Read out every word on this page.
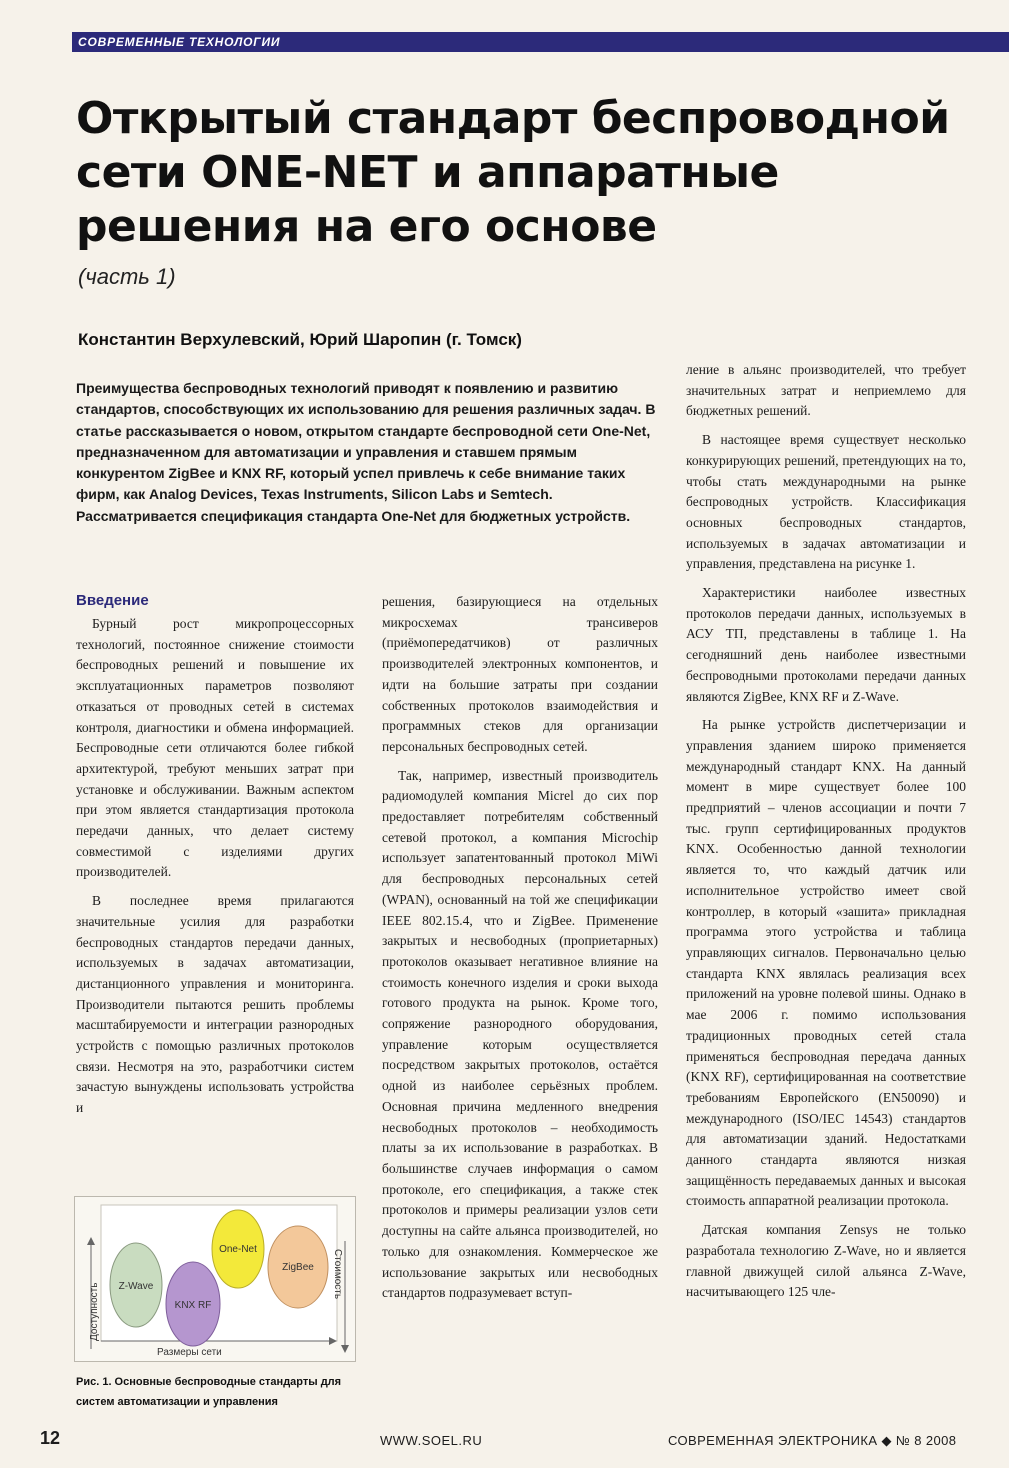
СОВРЕМЕННЫЕ ТЕХНОЛОГИИ
Открытый стандарт беспроводной сети ONE-NET и аппаратные решения на его основе
(часть 1)
Константин Верхулевский, Юрий Шаропин (г. Томск)

Преимущества беспроводных технологий приводят к появлению и развитию стандартов, способствующих их использованию для решения различных задач. В статье рассказывается о новом, открытом стандарте беспроводной сети One-Net, предназначенном для автоматизации и управления и ставшем прямым конкурентом ZigBee и KNX RF, который успел привлечь к себе внимание таких фирм, как Analog Devices, Texas Instruments, Silicon Labs и Semtech. Рассматривается спецификация стандарта One-Net для бюджетных устройств.

Введение

Бурный рост микропроцессорных технологий, постоянное снижение стоимости беспроводных решений и повышение их эксплуатационных параметров позволяют отказаться от проводных сетей в системах контроля, диагностики и обмена информацией. Беспроводные сети отличаются более гибкой архитектурой, требуют меньших затрат при установке и обслуживании. Важным аспектом при этом является стандартизация протокола передачи данных, что делает систему совместимой с изделиями других производителей.

В последнее время прилагаются значительные усилия для разработки беспроводных стандартов передачи данных, используемых в задачах автоматизации, дистанционного управления и мониторинга. Производители пытаются решить проблемы масштабируемости и интеграции разнородных устройств с помощью различных протоколов связи. Несмотря на это, разработчики систем зачастую вынуждены использовать устройства и

решения, базирующиеся на отдельных микросхемах трансиверов (приёмопередатчиков) от различных производителей электронных компонентов, и идти на большие затраты при создании собственных протоколов взаимодействия и программных стеков для организации персональных беспроводных сетей.

Так, например, известный производитель радиомодулей компания Micrel до сих пор предоставляет потребителям собственный сетевой протокол, а компания Microchip использует запатентованный протокол MiWi для беспроводных персональных сетей (WPAN), основанный на той же спецификации IEEE 802.15.4, что и ZigBee. Применение закрытых и несвободных (проприетарных) протоколов оказывает негативное влияние на стоимость конечного изделия и сроки выхода готового продукта на рынок. Кроме того, сопряжение разнородного оборудования, управление которым осуществляется посредством закрытых протоколов, остаётся одной из наиболее серьёзных проблем. Основная причина медленного внедрения несвободных протоколов – необходимость платы за их использование в разработках. В большинстве случаев информация о самом протоколе, его спецификация, а также стек протоколов и примеры реализации узлов сети доступны на сайте альянса производителей, но только для ознакомления. Коммерческое же использование закрытых или несвободных стандартов подразумевает вступ-

ление в альянс производителей, что требует значительных затрат и неприемлемо для бюджетных решений.

В настоящее время существует несколько конкурирующих решений, претендующих на то, чтобы стать международными на рынке беспроводных устройств. Классификация основных беспроводных стандартов, используемых в задачах автоматизации и управления, представлена на рисунке 1.

Характеристики наиболее известных протоколов передачи данных, используемых в АСУ ТП, представлены в таблице 1. На сегодняшний день наиболее известными беспроводными протоколами передачи данных являются ZigBee, KNX RF и Z-Wave.

На рынке устройств диспетчеризации и управления зданием широко применяется международный стандарт KNX. На данный момент в мире существует более 100 предприятий – членов ассоциации и почти 7 тыс. групп сертифицированных продуктов KNX. Особенностью данной технологии является то, что каждый датчик или исполнительное устройство имеет свой контроллер, в который «зашита» прикладная программа этого устройства и таблица управляющих сигналов. Первоначально целью стандарта KNX являлась реализация всех приложений на уровне полевой шины. Однако в мае 2006 г. помимо использования традиционных проводных сетей стала применяться беспроводная передача данных (KNX RF), сертифицированная на соответствие требованиям Европейского (EN50090) и международного (ISO/IEC 14543) стандартов для автоматизации зданий. Недостатками данного стандарта являются низкая защищённость передаваемых данных и высокая стоимость аппаратной реализации протокола.

Датская компания Zensys не только разработала технологию Z-Wave, но и является главной движущей силой альянса Z-Wave, насчитывающего 125 чле-

Z-Wave
KNX RF
One-Net
ZigBee
Размеры сети
Доступность
Стоимость
Рис. 1. Основные беспроводные стандарты для систем автоматизации и управления
12	WWW.SOEL.RU	СОВРЕМЕННАЯ ЭЛЕКТРОНИКА ◆ № 8 2008
